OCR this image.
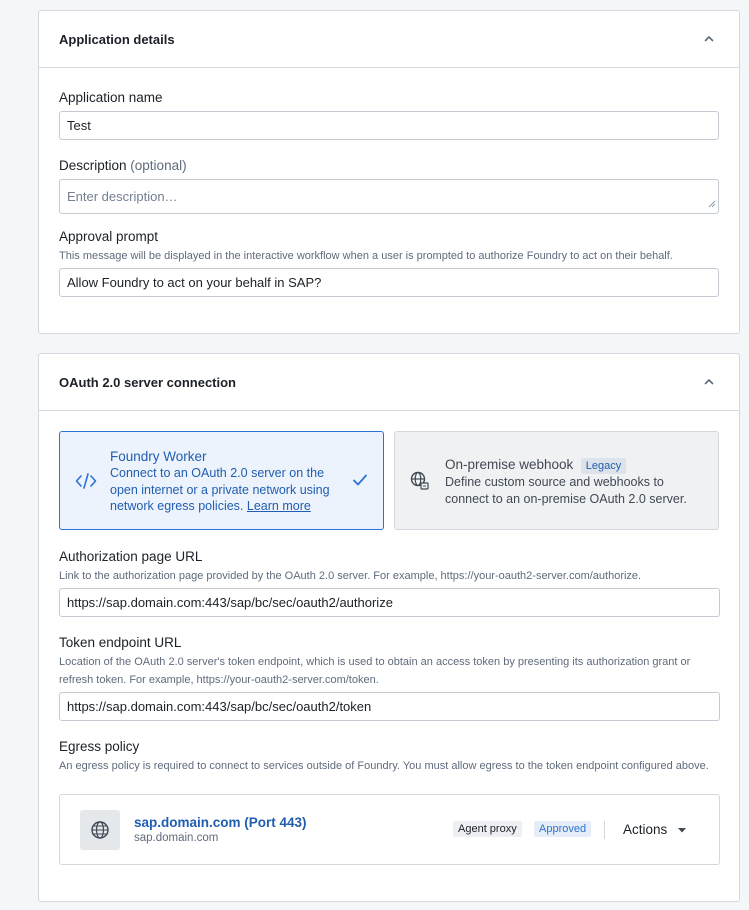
Application details
Application name
Test
Description (optional)
Enter description…
Approval prompt
This message will be displayed in the interactive workflow when a user is prompted to authorize Foundry to act on their behalf.
Allow Foundry to act on your behalf in SAP?
OAuth 2.0 server connection
Foundry Worker
Connect to an OAuth 2.0 server on the open internet or a private network using network egress policies. Learn more
On-premise webhook Legacy
Define custom source and webhooks to connect to an on-premise OAuth 2.0 server.
Authorization page URL
Link to the authorization page provided by the OAuth 2.0 server. For example, https://your-oauth2-server.com/authorize.
https://sap.domain.com:443/sap/bc/sec/oauth2/authorize
Token endpoint URL
Location of the OAuth 2.0 server's token endpoint, which is used to obtain an access token by presenting its authorization grant or refresh token. For example, https://your-oauth2-server.com/token.
https://sap.domain.com:443/sap/bc/sec/oauth2/token
Egress policy
An egress policy is required to connect to services outside of Foundry. You must allow egress to the token endpoint configured above.
sap.domain.com (Port 443)
sap.domain.com
Agent proxy	Approved	Actions
